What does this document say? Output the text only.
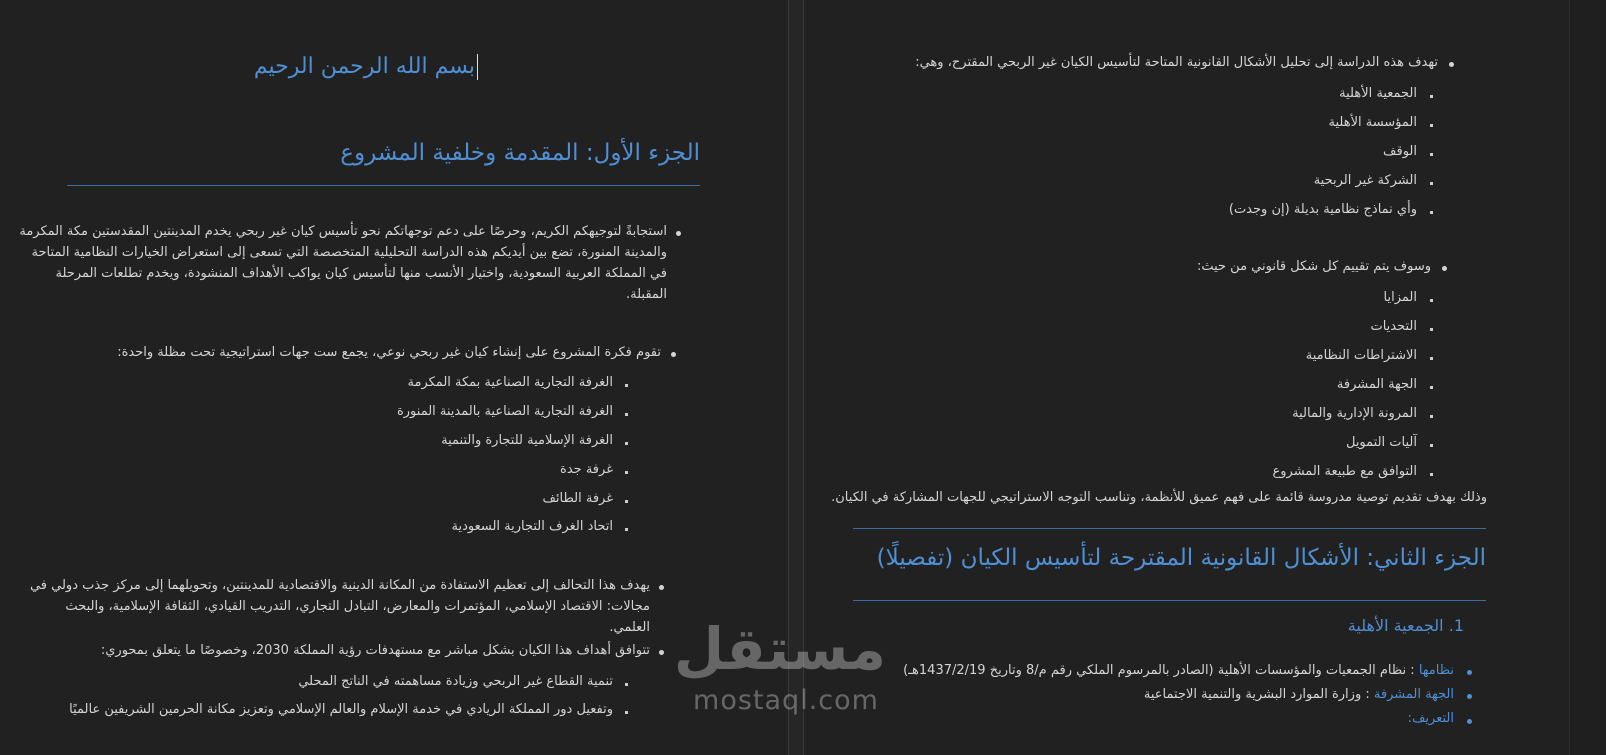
بسم الله الرحمن الرحيم
الجزء الأول: المقدمة وخلفية المشروع
استجابةً لتوجيهكم الكريم، وحرصًا على دعم توجهاتكم نحو تأسيس كيان غير ربحي يخدم المدينتين المقدستين مكة المكرمة
والمدينة المنورة، تضع بين أيديكم هذه الدراسة التحليلية المتخصصة التي تسعى إلى استعراض الخيارات النظامية المتاحة
في المملكة العربية السعودية، واختيار الأنسب منها لتأسيس كيان يواكب الأهداف المنشودة، ويخدم تطلعات المرحلة
المقبلة.
تقوم فكرة المشروع على إنشاء كيان غير ربحي نوعي، يجمع ست جهات استراتيجية تحت مظلة واحدة:
الغرفة التجارية الصناعية بمكة المكرمة
الغرفة التجارية الصناعية بالمدينة المنورة
الغرفة الإسلامية للتجارة والتنمية
غرفة جدة
غرفة الطائف
اتحاد الغرف التجارية السعودية
يهدف هذا التحالف إلى تعظيم الاستفادة من المكانة الدينية والاقتصادية للمدينتين، وتحويلهما إلى مركز جذب دولي في
مجالات: الاقتصاد الإسلامي، المؤتمرات والمعارض، التبادل التجاري، التدريب القيادي، الثقافة الإسلامية، والبحث
العلمي.
تتوافق أهداف هذا الكيان بشكل مباشر مع مستهدفات رؤية المملكة 2030، وخصوصًا ما يتعلق بمحوري:
تنمية القطاع غير الربحي وزيادة مساهمته في الناتج المحلي
وتفعيل دور المملكة الريادي في خدمة الإسلام والعالم الإسلامي وتعزيز مكانة الحرمين الشريفين عالميًا
تهدف هذه الدراسة إلى تحليل الأشكال القانونية المتاحة لتأسيس الكيان غير الربحي المقترح، وهي:
الجمعية الأهلية
المؤسسة الأهلية
الوقف
الشركة غير الربحية
وأي نماذج نظامية بديلة (إن وجدت)
وسوف يتم تقييم كل شكل قانوني من حيث:
المزايا
التحديات
الاشتراطات النظامية
الجهة المشرفة
المرونة الإدارية والمالية
آليات التمويل
التوافق مع طبيعة المشروع
وذلك بهدف تقديم توصية مدروسة قائمة على فهم عميق للأنظمة، وتناسب التوجه الاستراتيجي للجهات المشاركة في الكيان.
الجزء الثاني: الأشكال القانونية المقترحة لتأسيس الكيان (تفصيلًا)
1. الجمعية الأهلية
نظامها : نظام الجمعيات والمؤسسات الأهلية (الصادر بالمرسوم الملكي رقم م/8 وتاريخ 1437/2/19هـ)
الجهة المشرفة : وزارة الموارد البشرية والتنمية الاجتماعية
التعريف:
مستقل
mostaql.com
